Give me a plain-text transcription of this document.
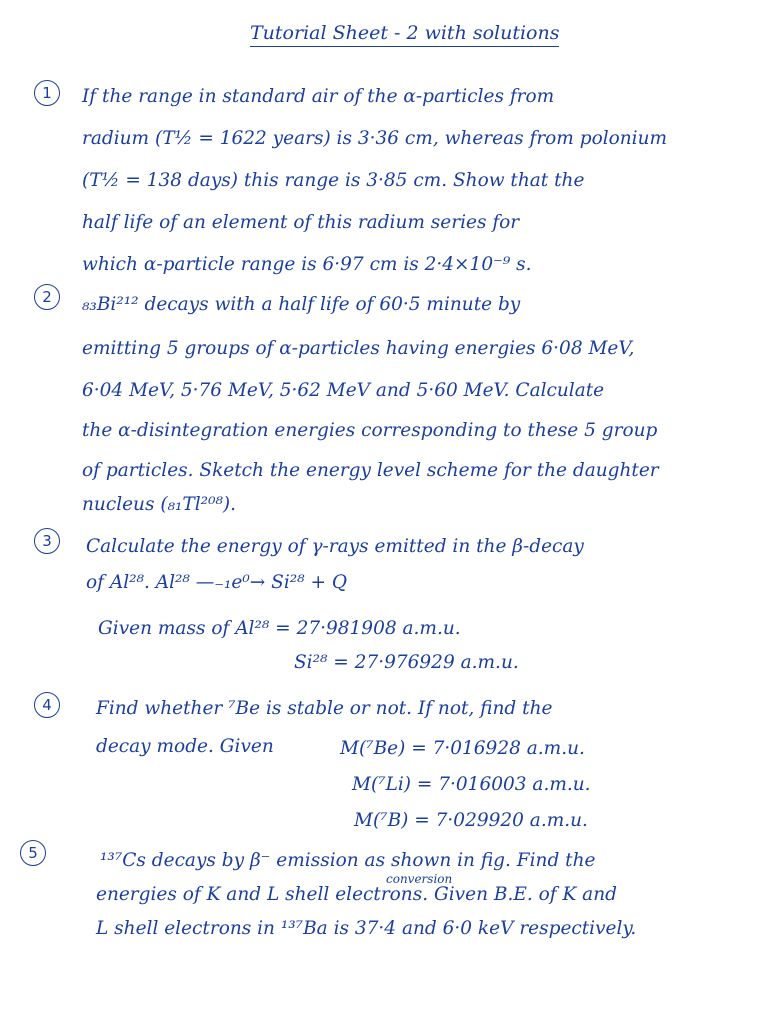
Tutorial Sheet - 2 with solutions
1	If the range in standard air of the α-particles from
radium (T½ = 1622 years) is 3·36 cm, whereas from polonium
(T½ = 138 days) this range is 3·85 cm. Show that the
half life of an element of this radium series for
which α-particle range is 6·97 cm is 2·4×10⁻⁹ s.
2	₈₃Bi²¹² decays with a half life of 60·5 minute by
emitting 5 groups of α-particles having energies 6·08 MeV,
6·04 MeV, 5·76 MeV, 5·62 MeV and 5·60 MeV. Calculate
the α-disintegration energies corresponding to these 5 group
of particles. Sketch the energy level scheme for the daughter
nucleus (₈₁Tl²⁰⁸).
3	Calculate the energy of γ-rays emitted in the β-decay
of Al²⁸. Al²⁸ —₋₁e⁰→ Si²⁸ + Q
Given mass of Al²⁸ = 27·981908 a.m.u.
Si²⁸ = 27·976929 a.m.u.
4	Find whether ⁷Be is stable or not. If not, find the
decay mode. Given	M(⁷Be) = 7·016928 a.m.u.
M(⁷Li) = 7·016003 a.m.u.
M(⁷B) = 7·029920 a.m.u.
5
conversion
¹³⁷Cs decays by β⁻ emission as shown in fig. Find the
energies of K and L shell electrons. Given B.E. of K and
L shell electrons in ¹³⁷Ba is 37·4 and 6·0 keV respectively.
